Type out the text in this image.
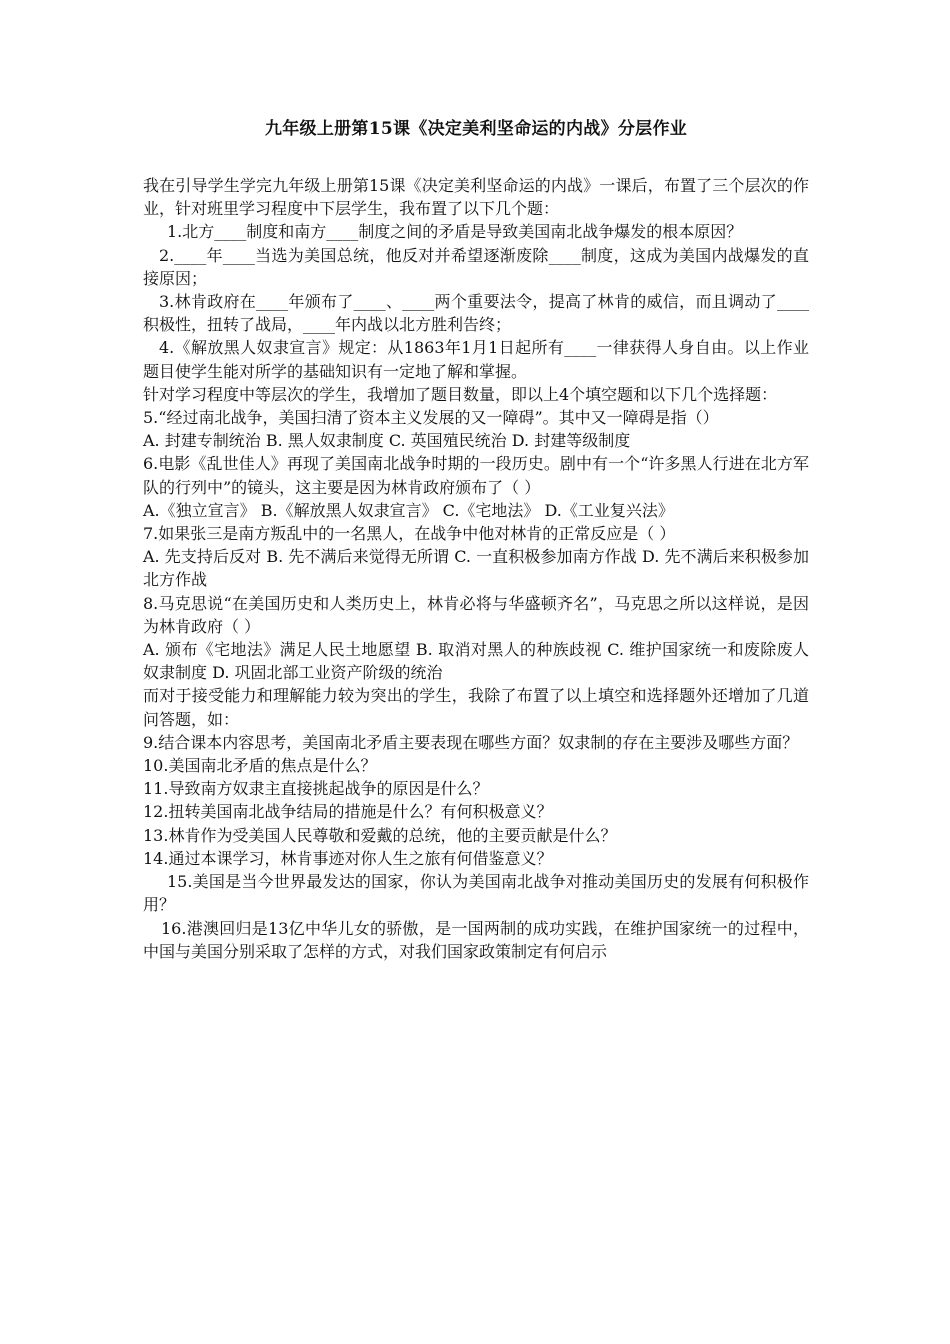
九年级上册第15课《决定美利坚命运的内战》分层作业

我在引导学生学完九年级上册第15课《决定美利坚命运的内战》一课后，布置了三个层次的作业，针对班里学习程度中下层学生，我布置了以下几个题：

1.北方____制度和南方____制度之间的矛盾是导致美国南北战争爆发的根本原因？

2.____年____当选为美国总统，他反对并希望逐渐废除____制度，这成为美国内战爆发的直接原因；

3.林肯政府在____年颁布了____、____两个重要法令，提高了林肯的威信，而且调动了____积极性，扭转了战局，____年内战以北方胜利告终；

4.《解放黑人奴隶宣言》规定：从1863年1月1日起所有____一律获得人身自由。以上作业题目使学生能对所学的基础知识有一定地了解和掌握。

针对学习程度中等层次的学生，我增加了题目数量，即以上4个填空题和以下几个选择题：

5.“经过南北战争，美国扫清了资本主义发展的又一障碍”。其中又一障碍是指（）

A. 封建专制统治 B. 黑人奴隶制度 C. 英国殖民统治 D. 封建等级制度

6.电影《乱世佳人》再现了美国南北战争时期的一段历史。剧中有一个“许多黑人行进在北方军队的行列中”的镜头，这主要是因为林肯政府颁布了（ ）

A.《独立宣言》 B.《解放黑人奴隶宣言》 C.《宅地法》 D.《工业复兴法》

7.如果张三是南方叛乱中的一名黑人，在战争中他对林肯的正常反应是（ ）

A. 先支持后反对 B. 先不满后来觉得无所谓 C. 一直积极参加南方作战 D. 先不满后来积极参加北方作战

8.马克思说“在美国历史和人类历史上，林肯必将与华盛顿齐名”，马克思之所以这样说，是因为林肯政府（ ）

A. 颁布《宅地法》满足人民土地愿望 B. 取消对黑人的种族歧视 C. 维护国家统一和废除废人奴隶制度 D. 巩固北部工业资产阶级的统治

而对于接受能力和理解能力较为突出的学生，我除了布置了以上填空和选择题外还增加了几道问答题，如：

9.结合课本内容思考，美国南北矛盾主要表现在哪些方面？奴隶制的存在主要涉及哪些方面？

10.美国南北矛盾的焦点是什么？

11.导致南方奴隶主直接挑起战争的原因是什么？

12.扭转美国南北战争结局的措施是什么？有何积极意义？

13.林肯作为受美国人民尊敬和爱戴的总统，他的主要贡献是什么？

14.通过本课学习，林肯事迹对你人生之旅有何借鉴意义？

15.美国是当今世界最发达的国家，你认为美国南北战争对推动美国历史的发展有何积极作用？

16.港澳回归是13亿中华儿女的骄傲，是一国两制的成功实践，在维护国家统一的过程中，中国与美国分别采取了怎样的方式，对我们国家政策制定有何启示
